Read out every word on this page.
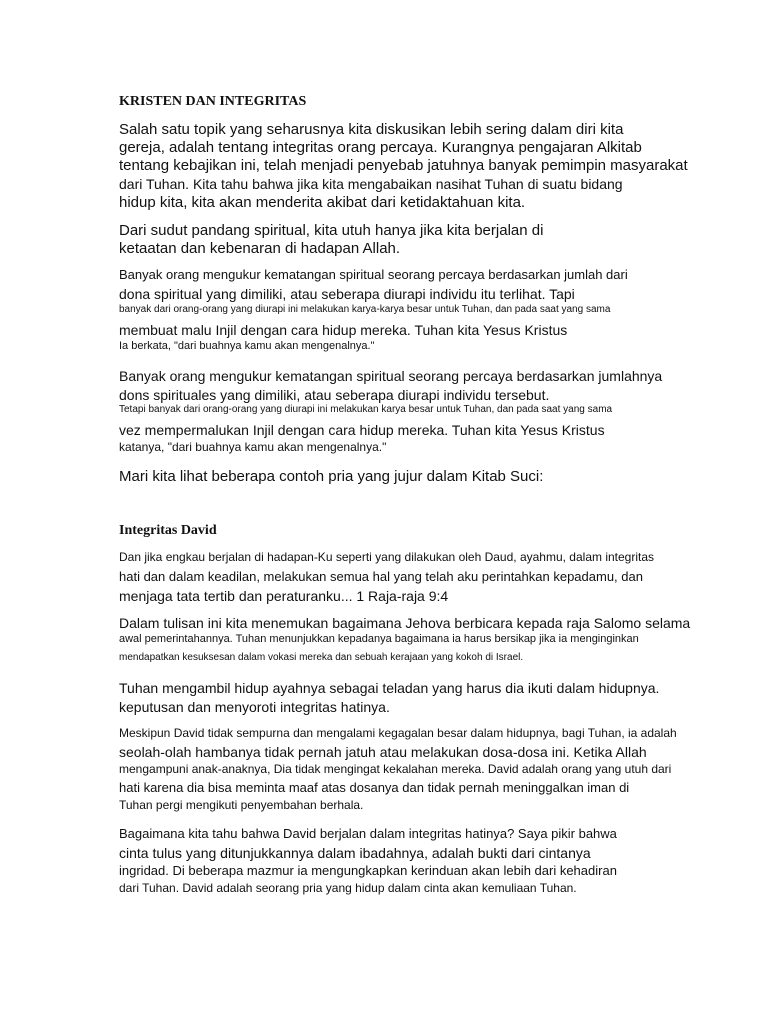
KRISTEN DAN INTEGRITAS
Salah satu topik yang seharusnya kita diskusikan lebih sering dalam diri kita
gereja, adalah tentang integritas orang percaya. Kurangnya pengajaran Alkitab
tentang kebajikan ini, telah menjadi penyebab jatuhnya banyak pemimpin masyarakat
dari Tuhan. Kita tahu bahwa jika kita mengabaikan nasihat Tuhan di suatu bidang
hidup kita, kita akan menderita akibat dari ketidaktahuan kita.
Dari sudut pandang spiritual, kita utuh hanya jika kita berjalan di
ketaatan dan kebenaran di hadapan Allah.
Banyak orang mengukur kematangan spiritual seorang percaya berdasarkan jumlah dari
dona spiritual yang dimiliki, atau seberapa diurapi individu itu terlihat. Tapi
banyak dari orang-orang yang diurapi ini melakukan karya-karya besar untuk Tuhan, dan pada saat yang sama
membuat malu Injil dengan cara hidup mereka. Tuhan kita Yesus Kristus
Ia berkata, "dari buahnya kamu akan mengenalnya."
Banyak orang mengukur kematangan spiritual seorang percaya berdasarkan jumlahnya
dons spirituales yang dimiliki, atau seberapa diurapi individu tersebut.
Tetapi banyak dari orang-orang yang diurapi ini melakukan karya besar untuk Tuhan, dan pada saat yang sama
vez mempermalukan Injil dengan cara hidup mereka. Tuhan kita Yesus Kristus
katanya, "dari buahnya kamu akan mengenalnya."
Mari kita lihat beberapa contoh pria yang jujur dalam Kitab Suci:
Integritas David
Dan jika engkau berjalan di hadapan-Ku seperti yang dilakukan oleh Daud, ayahmu, dalam integritas
hati dan dalam keadilan, melakukan semua hal yang telah aku perintahkan kepadamu, dan
menjaga tata tertib dan peraturanku... 1 Raja-raja 9:4
Dalam tulisan ini kita menemukan bagaimana Jehova berbicara kepada raja Salomo selama
awal pemerintahannya. Tuhan menunjukkan kepadanya bagaimana ia harus bersikap jika ia menginginkan
mendapatkan kesuksesan dalam vokasi mereka dan sebuah kerajaan yang kokoh di Israel.
Tuhan mengambil hidup ayahnya sebagai teladan yang harus dia ikuti dalam hidupnya.
keputusan dan menyoroti integritas hatinya.
Meskipun David tidak sempurna dan mengalami kegagalan besar dalam hidupnya, bagi Tuhan, ia adalah
seolah-olah hambanya tidak pernah jatuh atau melakukan dosa-dosa ini. Ketika Allah
mengampuni anak-anaknya, Dia tidak mengingat kekalahan mereka. David adalah orang yang utuh dari
hati karena dia bisa meminta maaf atas dosanya dan tidak pernah meninggalkan iman di
Tuhan pergi mengikuti penyembahan berhala.
Bagaimana kita tahu bahwa David berjalan dalam integritas hatinya? Saya pikir bahwa
cinta tulus yang ditunjukkannya dalam ibadahnya, adalah bukti dari cintanya
ingridad. Di beberapa mazmur ia mengungkapkan kerinduan akan lebih dari kehadiran
dari Tuhan. David adalah seorang pria yang hidup dalam cinta akan kemuliaan Tuhan.
